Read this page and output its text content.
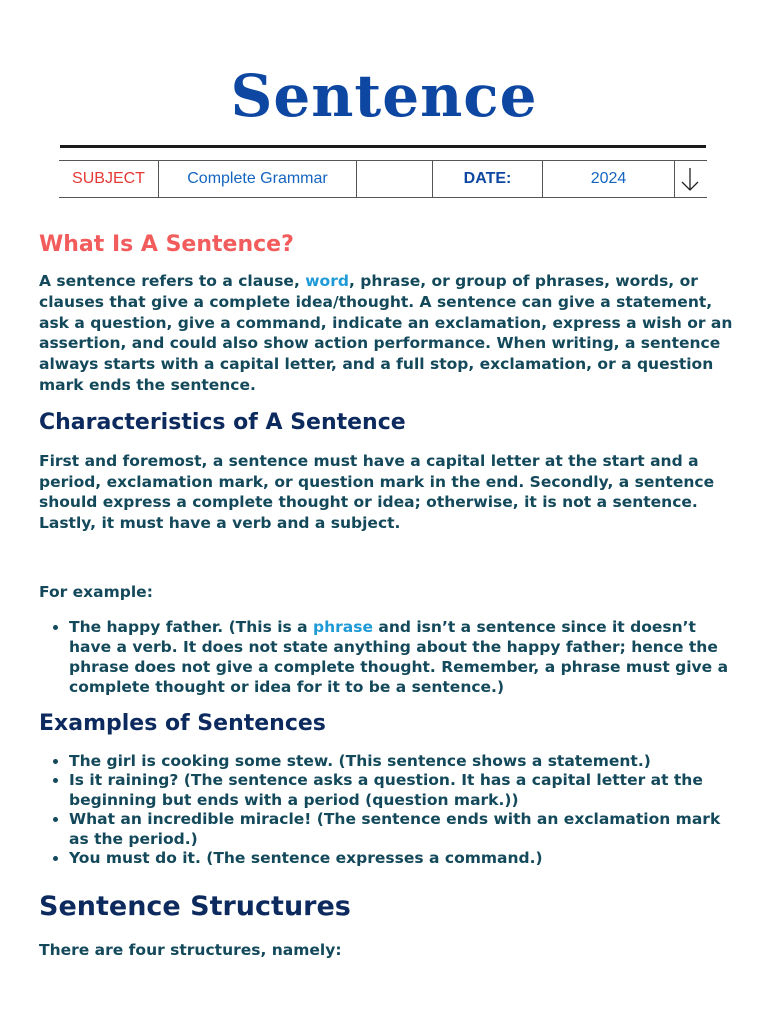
Sentence
SUBJECT	Complete Grammar	DATE:	2024
What Is A Sentence?

A sentence refers to a clause, word, phrase, or group of phrases, words, or clauses that give a complete idea/thought. A sentence can give a statement, ask a question, give a command, indicate an exclamation, express a wish or an assertion, and could also show action performance. When writing, a sentence always starts with a capital letter, and a full stop, exclamation, or a question mark ends the sentence.

Characteristics of A Sentence

First and foremost, a sentence must have a capital letter at the start and a period, exclamation mark, or question mark in the end. Secondly, a sentence should express a complete thought or idea; otherwise, it is not a sentence. Lastly, it must have a verb and a subject.

For example:

• The happy father. (This is a phrase and isn’t a sentence since it doesn’t have a verb. It does not state anything about the happy father; hence the phrase does not give a complete thought. Remember, a phrase must give a complete thought or idea for it to be a sentence.)
Examples of Sentences
• The girl is cooking some stew. (This sentence shows a statement.)
• Is it raining? (The sentence asks a question. It has a capital letter at the beginning but ends with a period (question mark.))
• What an incredible miracle! (The sentence ends with an exclamation mark as the period.)
• You must do it. (The sentence expresses a command.)
Sentence Structures

There are four structures, namely:
